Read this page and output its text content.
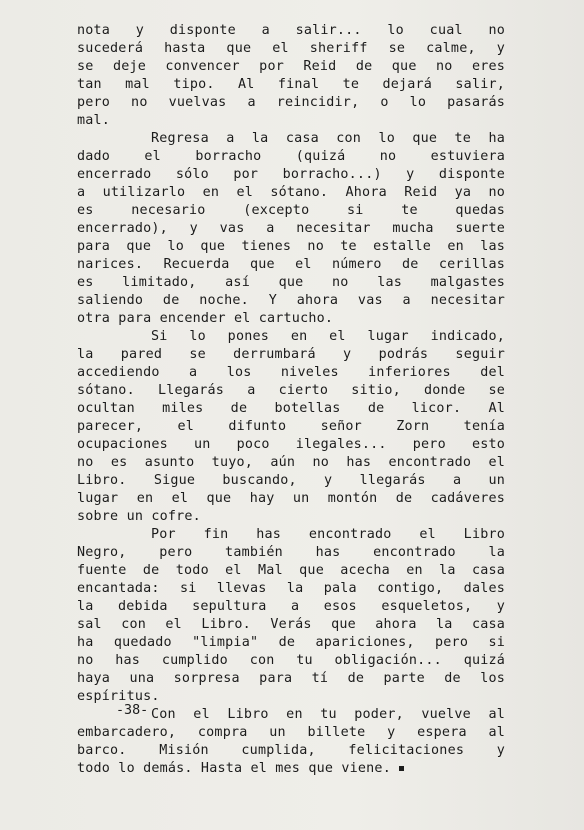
nota y disponte a salir... lo cual no
sucederá hasta que el sheriff se calme, y
se deje convencer por Reid de que no eres
tan mal tipo. Al final te dejará salir,
pero no vuelvas a reincidir, o lo pasarás
mal.
Regresa a la casa con lo que te ha
dado el borracho (quizá no estuviera
encerrado sólo por borracho...) y disponte
a utilizarlo en el sótano. Ahora Reid ya no
es necesario (excepto si te quedas
encerrado), y vas a necesitar mucha suerte
para que lo que tienes no te estalle en las
narices. Recuerda que el número de cerillas
es limitado, así que no las malgastes
saliendo de noche. Y ahora vas a necesitar
otra para encender el cartucho.
Si lo pones en el lugar indicado,
la pared se derrumbará y podrás seguir
accediendo a los niveles inferiores del
sótano. Llegarás a cierto sitio, donde se
ocultan miles de botellas de licor. Al
parecer, el difunto señor Zorn tenía
ocupaciones un poco ilegales... pero esto
no es asunto tuyo, aún no has encontrado el
Libro. Sigue buscando, y llegarás a un
lugar en el que hay un montón de cadáveres
sobre un cofre.
Por fin has encontrado el Libro
Negro, pero también has encontrado la
fuente de todo el Mal que acecha en la casa
encantada: si llevas la pala contigo, dales
la debida sepultura a esos esqueletos, y
sal con el Libro. Verás que ahora la casa
ha quedado "limpia" de apariciones, pero si
no has cumplido con tu obligación... quizá
haya una sorpresa para tí de parte de los
espíritus.
Con el Libro en tu poder, vuelve al
embarcadero, compra un billete y espera al
barco. Misión cumplida, felicitaciones y
todo lo demás. Hasta el mes que viene.
-38-
